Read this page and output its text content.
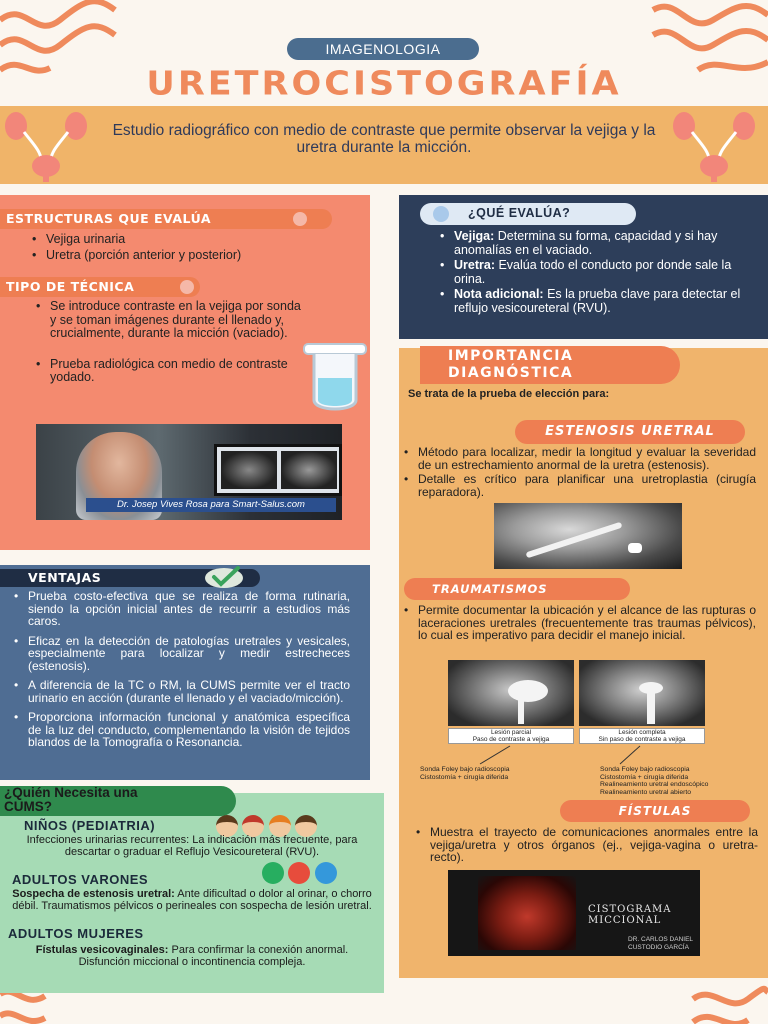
IMAGENOLOGIA
URETROCISTOGRAFÍA
Estudio radiográfico con medio de contraste que permite observar la vejiga y la uretra durante la micción.
ESTRUCTURAS QUE EVALÚA
• Vejiga urinaria
• Uretra (porción anterior y posterior)
TIPO DE TÉCNICA
• Se introduce contraste en la vejiga por sonda y se toman imágenes durante el llenado y, crucialmente, durante la micción (vaciado).
• Prueba radiológica con medio de contraste yodado.
Dr. Josep Vives Rosa para Smart-Salus.com
¿QUÉ EVALÚA?
• Vejiga: Determina su forma, capacidad y si hay anomalías en el vaciado.
• Uretra: Evalúa todo el conducto por donde sale la orina.
• Nota adicional: Es la prueba clave para detectar el reflujo vesicoureteral (RVU).
IMPORTANCIA
DIAGNÓSTICA
Se trata de la prueba de elección para:
ESTENOSIS URETRAL
• Método para localizar, medir la longitud y evaluar la severidad de un estrechamiento anormal de la uretra (estenosis).
• Detalle es crítico para planificar una uretroplastia (cirugía reparadora).
TRAUMATISMOS
• Permite documentar la ubicación y el alcance de las rupturas o laceraciones uretrales (frecuentemente tras traumas pélvicos), lo cual es imperativo para decidir el manejo inicial.
Lesión parcial
Paso de contraste a vejiga
Lesión completa
Sin paso de contraste a vejiga
Sonda Foley bajo radioscopia
Cistostomía + cirugía diferida
Sonda Foley bajo radioscopia
Cistostomía + cirugía diferida
Realineamiento uretral endoscópico
Realineamiento uretral abierto
FÍSTULAS
• Muestra el trayecto de comunicaciones anormales entre la vejiga/uretra y otros órganos (ej., vejiga-vagina o uretra-recto).
CISTOGRAMA
MICCIONAL
DR. CARLOS DANIEL
CUSTODIO GARCÍA
VENTAJAS
• Prueba costo-efectiva que se realiza de forma rutinaria, siendo la opción inicial antes de recurrir a estudios más caros.
• Eficaz en la detección de patologías uretrales y vesicales, especialmente para localizar y medir estrecheces (estenosis).
• A diferencia de la TC o RM, la CUMS permite ver el tracto urinario en acción (durante el llenado y el vaciado/micción).
• Proporciona información funcional y anatómica específica de la luz del conducto, complementando la visión de tejidos blandos de la Tomografía o Resonancia.
¿Quién Necesita una
CUMS?
NIÑOS (PEDIATRIA)

Infecciones urinarias recurrentes: La indicación más frecuente, para descartar o graduar el Reflujo Vesicoureteral (RVU).
ADULTOS VARONES

Sospecha de estenosis uretral: Ante dificultad o dolor al orinar, o chorro débil. Traumatismos pélvicos o perineales con sospecha de lesión uretral.
ADULTOS MUJERES
Fístulas vesicovaginales: Para confirmar la conexión anormal. Disfunción miccional o incontinencia compleja.
